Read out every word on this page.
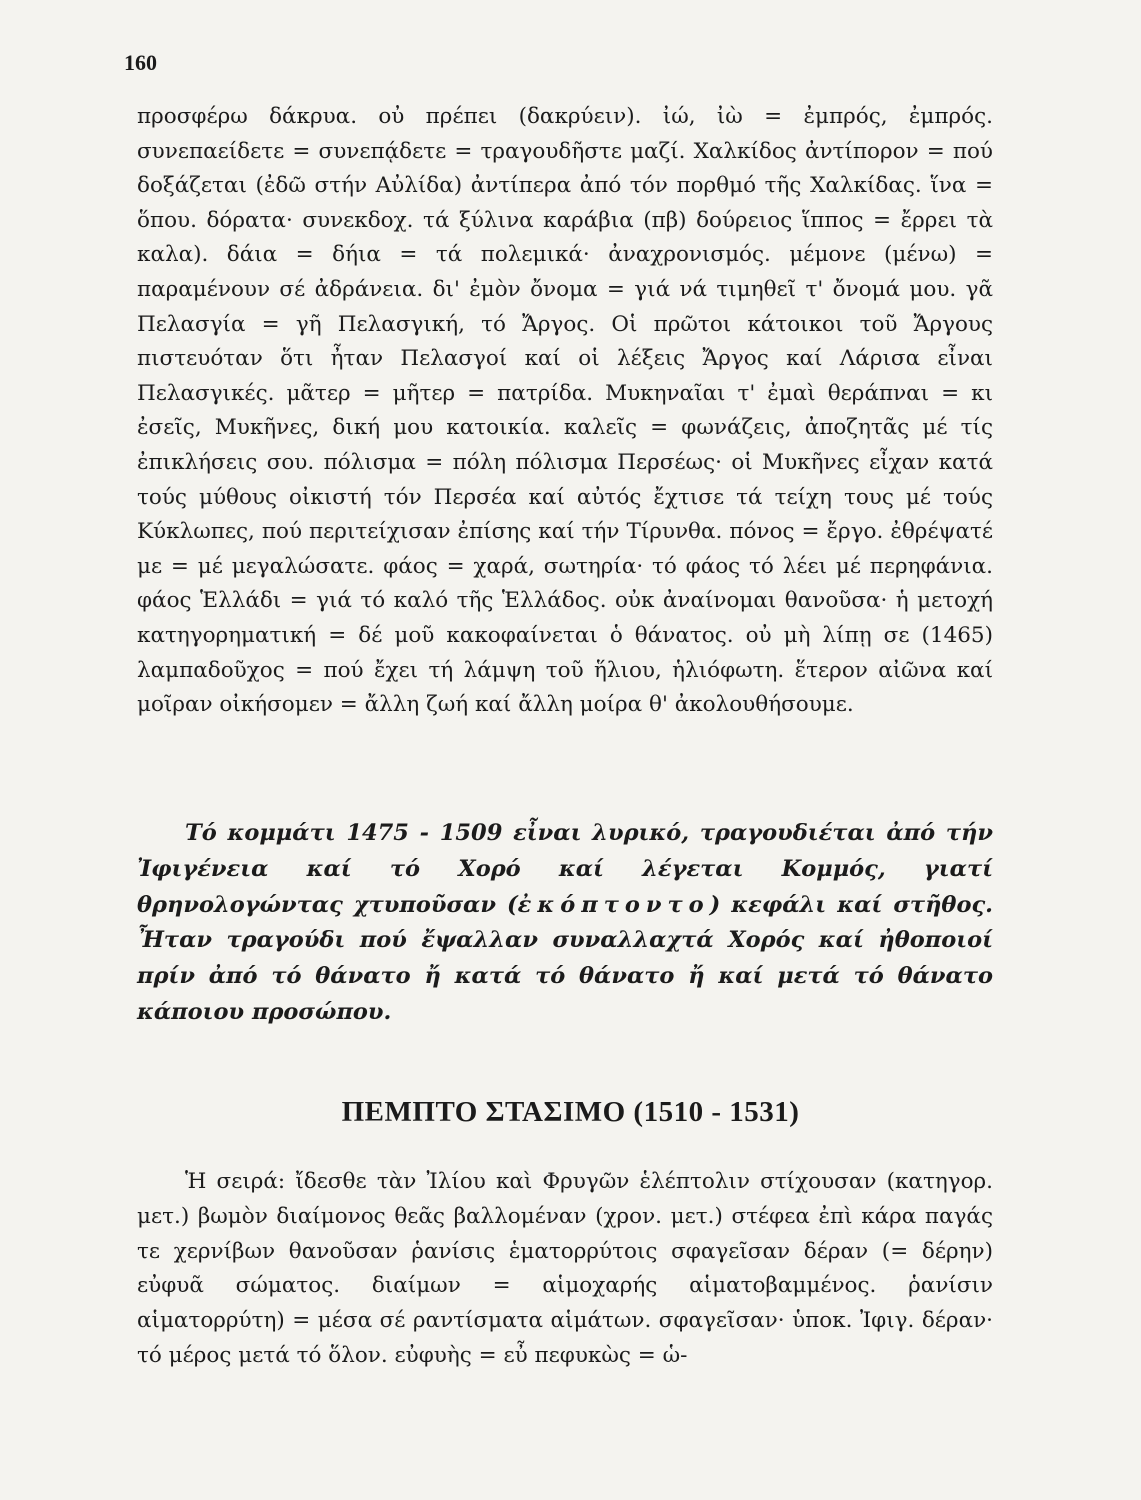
160

προσφέρω δάκρυα. οὐ πρέπει (δακρύειν). ἰώ, ἰὼ = ἐμπρός, ἐμπρός. συνεπαείδετε = συνεπᾴδετε = τραγουδῆστε μαζί. Χαλκίδος ἀντίπορον = πού δοξάζεται (ἐδῶ στήν Αὐλίδα) ἀντίπερα ἀπό τόν πορθμό τῆς Χαλκίδας. ἵνα = ὅπου. δόρατα· συνεκδοχ. τά ξύλινα καράβια (πβ) δούρειος ἵππος = ἔρρει τὰ καλα). δάια = δήια = τά πολεμικά· ἀναχρονισμός. μέμονε (μένω) = παραμένουν σέ ἀδράνεια. δι' ἐμὸν ὄνομα = γιά νά τιμηθεῖ τ' ὄνομά μου. γᾶ Πελασγία = γῆ Πελασγική, τό Ἄργος. Οἱ πρῶτοι κάτοικοι τοῦ Ἄργους πιστευόταν ὅτι ἦταν Πελασγοί καί οἱ λέξεις Ἄργος καί Λάρισα εἶναι Πελασγικές. μᾶτερ = μῆτερ = πατρίδα. Μυκηναῖαι τ' ἐμαὶ θεράπναι = κι ἐσεῖς, Μυκῆνες, δική μου κατοικία. καλεῖς = φωνάζεις, ἀποζητᾶς μέ τίς ἐπικλήσεις σου. πόλισμα = πόλη πόλισμα Περσέως· οἱ Μυκῆνες εἶχαν κατά τούς μύθους οἰκιστή τόν Περσέα καί αὐτός ἔχτισε τά τείχη τους μέ τούς Κύκλωπες, πού περιτείχισαν ἐπίσης καί τήν Τίρυνθα. πόνος = ἔργο. ἐθρέψατέ με = μέ μεγαλώσατε. φάος = χαρά, σωτηρία· τό φάος τό λέει μέ περηφάνια. φάος Ἑλλάδι = γιά τό καλό τῆς Ἑλλάδος. οὐκ ἀναίνομαι θανοῦσα· ἡ μετοχή κατηγορηματική = δέ μοῦ κακοφαίνεται ὁ θάνατος. οὐ μὴ λίπῃ σε (1465) λαμπαδοῦχος = πού ἔχει τή λάμψη τοῦ ἥλιου, ἡλιόφωτη. ἕτερον αἰῶνα καί μοῖραν οἰκήσομεν = ἄλλη ζωή καί ἄλλη μοίρα θ' ἀκολουθήσουμε.

Τό κομμάτι 1475 - 1509 εἶναι λυρικό, τραγουδιέται ἀπό τήν Ἰφιγένεια καί τό Χορό καί λέγεται Κομμός, γιατί θρηνολογώντας χτυποῦσαν (ἐκόπτοντο) κεφάλι καί στῆθος. Ἦταν τραγούδι πού ἔψαλλαν συναλλαχτά Χορός καί ἠθοποιοί πρίν ἀπό τό θάνατο ἤ κατά τό θάνατο ἤ καί μετά τό θάνατο κάποιου προσώπου.
ΠΕΜΠΤΟ ΣΤΑΣΙΜΟ (1510 - 1531)

Ἡ σειρά: ἴδεσθε τὰν Ἰλίου καὶ Φρυγῶν ἑλέπτολιν στίχουσαν (κατηγορ. μετ.) βωμὸν διαίμονος θεᾶς βαλλομέναν (χρον. μετ.) στέφεα ἐπὶ κάρα παγάς τε χερνίβων θανοῦσαν ῥανίσις ἑματορρύτοις σφαγεῖσαν δέραν (= δέρην) εὐφυᾶ σώματος. διαίμων = αἱμοχαρής αἱματοβαμμένος. ῥανίσιν αἱματορρύτη) = μέσα σέ ραντίσματα αἱμάτων. σφαγεῖσαν· ὑποκ. Ἰφιγ. δέραν· τό μέρος μετά τό ὅλον. εὐφυὴς = εὖ πεφυκὼς = ὡ-
